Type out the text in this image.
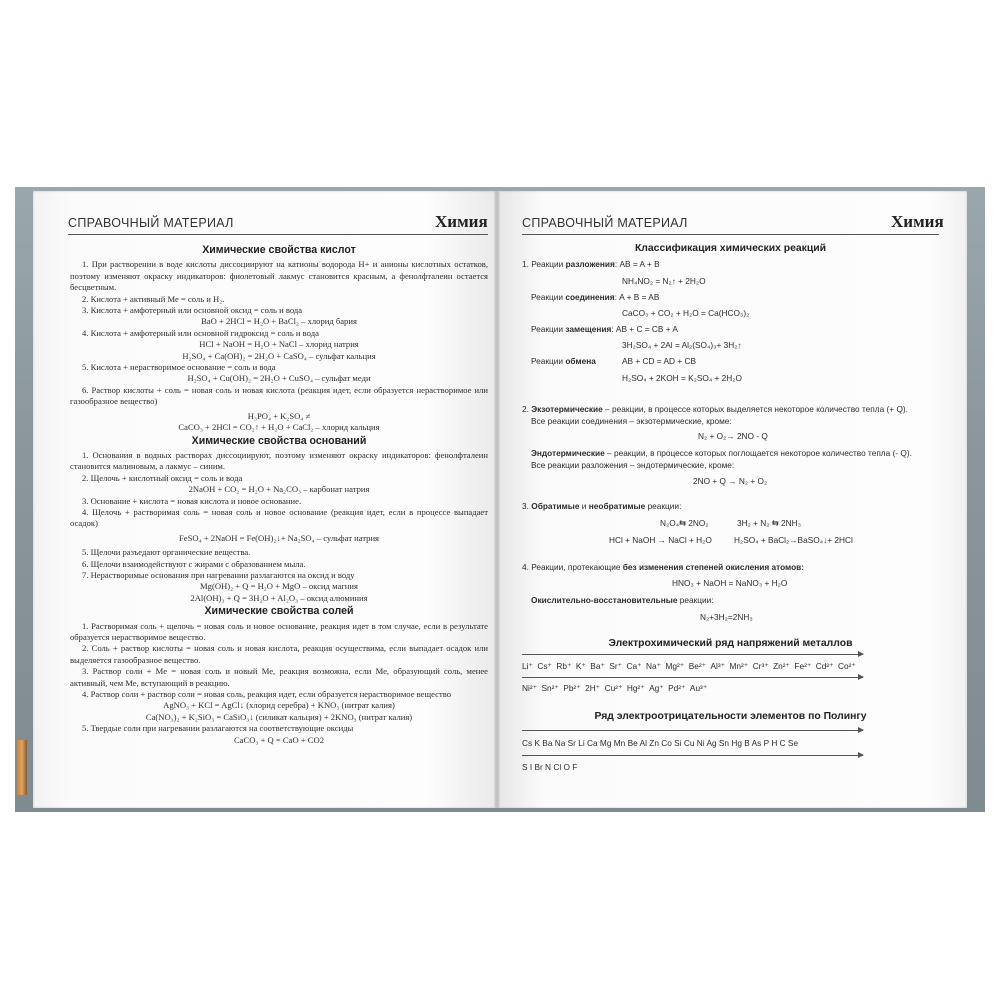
СПРАВОЧНЫЙ МАТЕРИАЛ	Химия	СПРАВОЧНЫЙ МАТЕРИАЛ	Химия

Химические свойства кислот

1. При растворении в воде кислоты диссоциируют на катионы водорода Н+ и анионы кислотных остатков, поэтому изменяют окраску индикаторов: фиолетовый лакмус становится красным, а фенолфталеин остается бесцветным.

2. Кислота + активный Ме = соль и Н₂.

3. Кислота + амфотерный или основной оксид = соль и вода

BaO + 2HCl = H₂O + BaCl₂ – хлорид бария

4. Кислота + амфотерный или основной гидроксид = соль и вода

HCl + NaOH = H₂O + NaCl – хлорид натрия

H₂SO₄ + Ca(OH)₂ = 2H₂O + CaSO₄ – сульфат кальция

5. Кислота + нерастворимое основание = соль и вода

H₂SO₄ + Cu(OH)₂ = 2H₂O + CuSO₄ – сульфат меди

6. Раствор кислоты + соль = новая соль и новая кислота (реакция идет, если образуется нерастворимое или газообразное вещество)

H₃PO₄ + K₂SO₄ ≠

CaCO₃ + 2HCl = CO₂↑ + H₂O + CaCl₂ – хлорид кальция

Химические свойства оснований

1. Основания в водных растворах диссоциируют, поэтому изменяют окраску индикаторов: фенолфталеин становится малиновым, а лакмус – синим.

2. Щелочь + кислотный оксид = соль и вода

2NaOH + CO₂ = H₂O + Na₂CO₃ – карбонат натрия

3. Основание + кислота = новая кислота и новое основание.

4. Щелочь + растворимая соль = новая соль и новое основание (реакция идет, если в процессе выпадает осадок)

FeSO₄ + 2NaOH = Fe(OH)₂↓+ Na₂SO₄ – сульфат натрия

5. Щелочи разъедают органические вещества.

6. Щелочи взаимодействуют с жирами с образованием мыла.

7. Нерастворимые основания при нагревании разлагаются на оксид и воду

Mg(OH)₂ + Q = H₂O + MgO – оксид магния

2Al(OH)₃ + Q = 3H₂O + Al₂O₃ – оксид алюминия

Химические свойства солей

1. Растворимая соль + щелочь = новая соль и новое основание, реакция идет в том случае, если в результате образуется нерастворимое вещество.

2. Соль + раствор кислоты = новая соль и новая кислота, реакция осуществима, если выпадает осадок или выделяется газообразное вещество.

3. Раствор соли + Ме = новая соль и новый Ме, реакция возможна, если Ме, образующий соль, менее активный, чем Ме, вступающий в реакцию.

4. Раствор соли + раствор соли = новая соль, реакция идет, если образуется нерастворимое вещество

AgNO₃ + KCl = AgCl↓ (хлорид серебра) + KNO₃ (нитрат калия)

Ca(NO₃)₂ + K₂SiO₃ = CaSiO₃↓ (силикат кальция) + 2KNO₃ (нитрат калия)

5. Твердые соли при нагревании разлагаются на соответствующие оксиды

CaCO₃ + Q = CaO + CO2

Классификация химических реакций
1. Реакции разложения: AB = A + B
NH₄NO₂ = N₂↑ + 2H₂O
Реакции соединения: A + B = AB
CaCO₃ + CO₂ + H₂O = Ca(HCO₃)₂
Реакции замещения: AB + C = CB + A
3H₂SO₄ + 2Al = Al₂(SO₄)₃+ 3H₂↑
Реакции обмена	AB + CD = AD + CB
H₂SO₄ + 2KOH = K₂SO₄ + 2H₂O
2. Экзотермические – реакции, в процессе которых выделяется некоторое количество тепла (+ Q).
Все реакции соединения – экзотермические, кроме:
N₂ + O₂→ 2NO - Q
Эндотермические – реакции, в процессе которых поглощается некоторое количество тепла (- Q).
Все реакции разложения – эндотермические, кроме:
2NO + Q → N₂ + O₂
3. Обратимые и необратимые реакции:
N₂O₄⇆ 2NO₂	3H₂ + N₂ ⇆ 2NH₃
HCl + NaOH → NaCl + H₂O	H₂SO₄ + BaCl₂→BaSO₄↓+ 2HCl
4. Реакции, протекающие без изменения степеней окисления атомов:
HNO₃ + NaOH = NaNO₃ + H₂O
Окислительно-восстановительные реакции:
N₂+3H₂=2NH₃
Электрохимический ряд напряжений металлов
Li⁺ Cs⁺ Rb⁺ K⁺ Ba⁺ Sr⁺ Ca⁺ Na⁺ Mg²⁺ Be²⁺ Al³⁺ Mn²⁺ Cr³⁺ Zn²⁺ Fe²⁺ Cd²⁺ Co²⁺
Ni²⁺ Sn²⁺ Pb²⁺ 2H⁺ Cu²⁺ Hg²⁺ Ag⁺ Pd²⁺ Au³⁺
Ряд электроотрицательности элементов по Полингу
Cs K Ba Na Sr Li Ca Mg Mn Be Al Zn Co Si Cu Ni Ag Sn Hg B As P H C Se
S I Br N Cl O F
